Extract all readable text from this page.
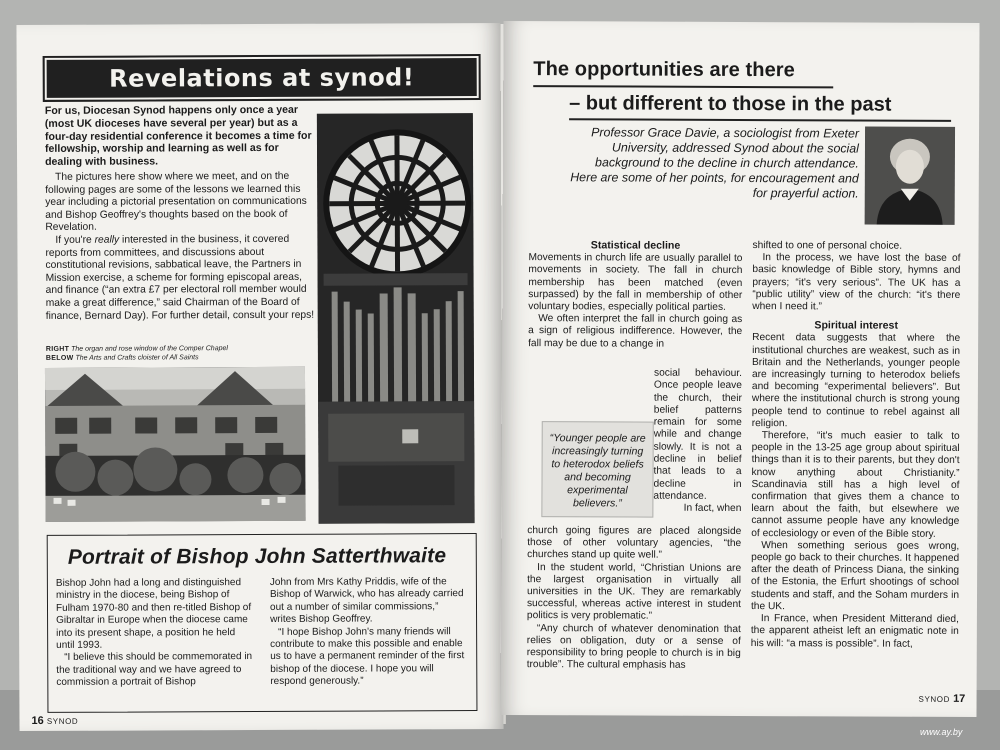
Revelations at synod!

For us, Diocesan Synod happens only once a year (most UK dioceses have several per year) but as a four-day residential conference it becomes a time for fellowship, worship and learning as well as for dealing with business.

The pictures here show where we meet, and on the following pages are some of the lessons we learned this year including a pictorial presentation on communications and Bishop Geoffrey's thoughts based on the book of Revelation.

If you're really interested in the business, it covered reports from committees, and discussions about constitutional revisions, sabbatical leave, the Partners in Mission exercise, a scheme for forming episcopal areas, and finance (“an extra £7 per electoral roll member would make a great difference,” said Chairman of the Board of finance, Bernard Day). For further detail, consult your reps!

RIGHT The organ and rose window of the Comper Chapel
BELOW The Arts and Crafts cloister of All Saints
Portrait of Bishop John Satterthwaite

Bishop John had a long and distinguished ministry in the diocese, being Bishop of Fulham 1970-80 and then re-titled Bishop of Gibraltar in Europe when the diocese came into its present shape, a position he held until 1993.

“I believe this should be commemorated in the traditional way and we have agreed to commission a portrait of Bishop

John from Mrs Kathy Priddis, wife of the Bishop of Warwick, who has already carried out a number of similar commissions,” writes Bishop Geoffrey.

“I hope Bishop John's many friends will contribute to make this possible and enable us to have a permanent reminder of the first bishop of the diocese. I hope you will respond generously.”

16 SYNOD
The opportunities are there
– but different to those in the past
Professor Grace Davie, a sociologist from Exeter University, addressed Synod about the social background to the decline in church attendance. Here are some of her points, for encouragement and for prayerful action.
Statistical decline

Movements in church life are usually parallel to movements in society. The fall in church membership has been matched (even surpassed) by the fall in membership of other voluntary bodies, especially political parties.

We often interpret the fall in church going as a sign of religious indifference. However, the fall may be due to a change in

social behaviour. Once people leave the church, their belief patterns remain for some while and change slowly. It is not a decline in belief that leads to a decline in attendance.

In fact, when

“Younger people are increasingly turning to heterodox beliefs and becoming experimental believers.”

church going figures are placed alongside those of other voluntary agencies, “the churches stand up quite well.”

In the student world, “Christian Unions are the largest organisation in virtually all universities in the UK. They are remarkably successful, whereas active interest in student politics is very problematic.”

“Any church of whatever denomination that relies on obligation, duty or a sense of responsibility to bring people to church is in big trouble”. The cultural emphasis has

shifted to one of personal choice.

In the process, we have lost the base of basic knowledge of Bible story, hymns and prayers; “it's very serious”. The UK has a “public utility” view of the church: “it's there when I need it.”

Spiritual interest

Recent data suggests that where the institutional churches are weakest, such as in Britain and the Netherlands, younger people are increasingly turning to heterodox beliefs and becoming “experimental believers”. But where the institutional church is strong young people tend to continue to rebel against all religion.

Therefore, “it's much easier to talk to people in the 13-25 age group about spiritual things than it is to their parents, but they don't know anything about Christianity.” Scandinavia still has a high level of confirmation that gives them a chance to learn about the faith, but elsewhere we cannot assume people have any knowledge of ecclesiology or even of the Bible story.

When something serious goes wrong, people go back to their churches. It happened after the death of Princess Diana, the sinking of the Estonia, the Erfurt shootings of school students and staff, and the Soham murders in the UK.

In France, when President Mitterand died, the apparent atheist left an enigmatic note in his will: “a mass is possible”. In fact,

SYNOD 17
www.ay.by
